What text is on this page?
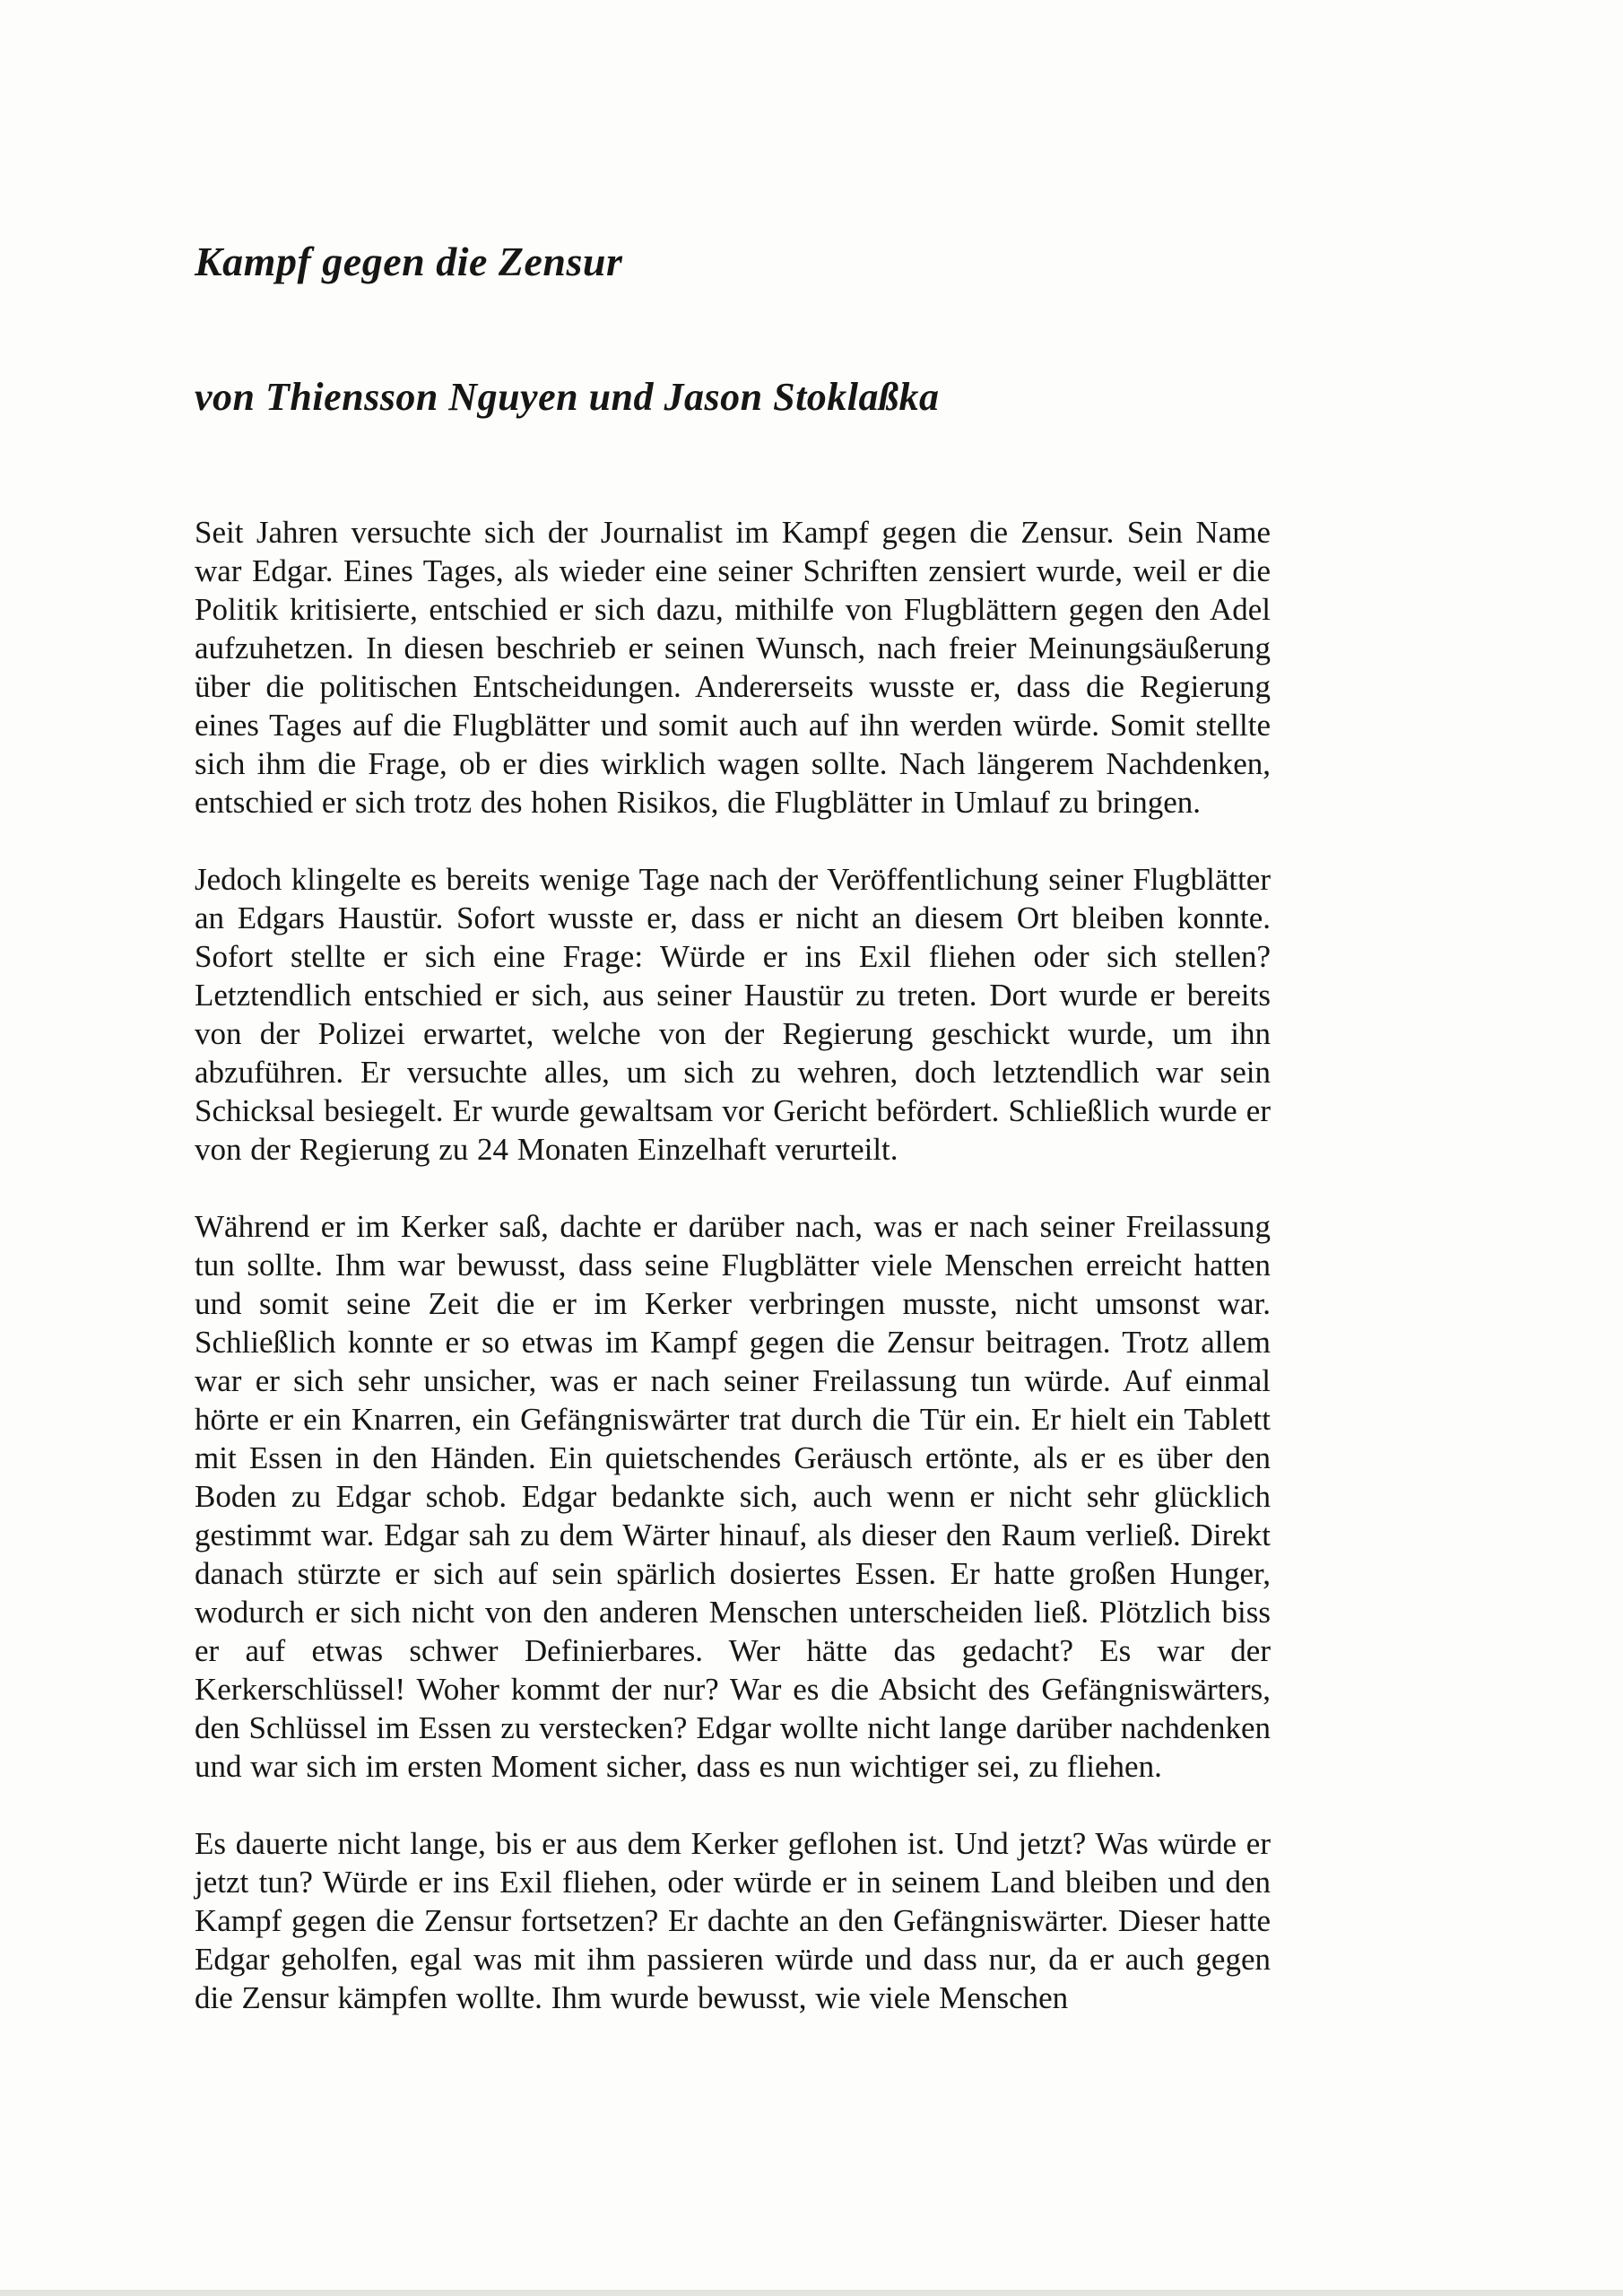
Kampf gegen die Zensur
von Thiensson Nguyen und Jason Stoklaßka

Seit Jahren versuchte sich der Journalist im Kampf gegen die Zensur. Sein Name war Edgar. Eines Tages, als wieder eine seiner Schriften zensiert wurde, weil er die Politik kritisierte, entschied er sich dazu, mithilfe von Flugblättern gegen den Adel aufzuhetzen. In diesen beschrieb er seinen Wunsch, nach freier Meinungsäußerung über die politischen Entscheidungen. Andererseits wusste er, dass die Regierung eines Tages auf die Flugblätter und somit auch auf ihn werden würde. Somit stellte sich ihm die Frage, ob er dies wirklich wagen sollte. Nach längerem Nachdenken, entschied er sich trotz des hohen Risikos, die Flugblätter in Umlauf zu bringen.

Jedoch klingelte es bereits wenige Tage nach der Veröffentlichung seiner Flugblätter an Edgars Haustür. Sofort wusste er, dass er nicht an diesem Ort bleiben konnte. Sofort stellte er sich eine Frage: Würde er ins Exil fliehen oder sich stellen? Letztendlich entschied er sich, aus seiner Haustür zu treten. Dort wurde er bereits von der Polizei erwartet, welche von der Regierung geschickt wurde, um ihn abzuführen. Er versuchte alles, um sich zu wehren, doch letztendlich war sein Schicksal besiegelt. Er wurde gewaltsam vor Gericht befördert. Schließlich wurde er von der Regierung zu 24 Monaten Einzelhaft verurteilt.

Während er im Kerker saß, dachte er darüber nach, was er nach seiner Freilassung tun sollte. Ihm war bewusst, dass seine Flugblätter viele Menschen erreicht hatten und somit seine Zeit die er im Kerker verbringen musste, nicht umsonst war. Schließlich konnte er so etwas im Kampf gegen die Zensur beitragen. Trotz allem war er sich sehr unsicher, was er nach seiner Freilassung tun würde. Auf einmal hörte er ein Knarren, ein Gefängniswärter trat durch die Tür ein. Er hielt ein Tablett mit Essen in den Händen. Ein quietschendes Geräusch ertönte, als er es über den Boden zu Edgar schob. Edgar bedankte sich, auch wenn er nicht sehr glücklich gestimmt war. Edgar sah zu dem Wärter hinauf, als dieser den Raum verließ. Direkt danach stürzte er sich auf sein spärlich dosiertes Essen. Er hatte großen Hunger, wodurch er sich nicht von den anderen Menschen unterscheiden ließ. Plötzlich biss er auf etwas schwer Definierbares. Wer hätte das gedacht? Es war der Kerkerschlüssel! Woher kommt der nur? War es die Absicht des Gefängniswärters, den Schlüssel im Essen zu verstecken? Edgar wollte nicht lange darüber nachdenken und war sich im ersten Moment sicher, dass es nun wichtiger sei, zu fliehen.

Es dauerte nicht lange, bis er aus dem Kerker geflohen ist. Und jetzt? Was würde er jetzt tun? Würde er ins Exil fliehen, oder würde er in seinem Land bleiben und den Kampf gegen die Zensur fortsetzen? Er dachte an den Gefängniswärter. Dieser hatte Edgar geholfen, egal was mit ihm passieren würde und dass nur, da er auch gegen die Zensur kämpfen wollte. Ihm wurde bewusst, wie viele Menschen
